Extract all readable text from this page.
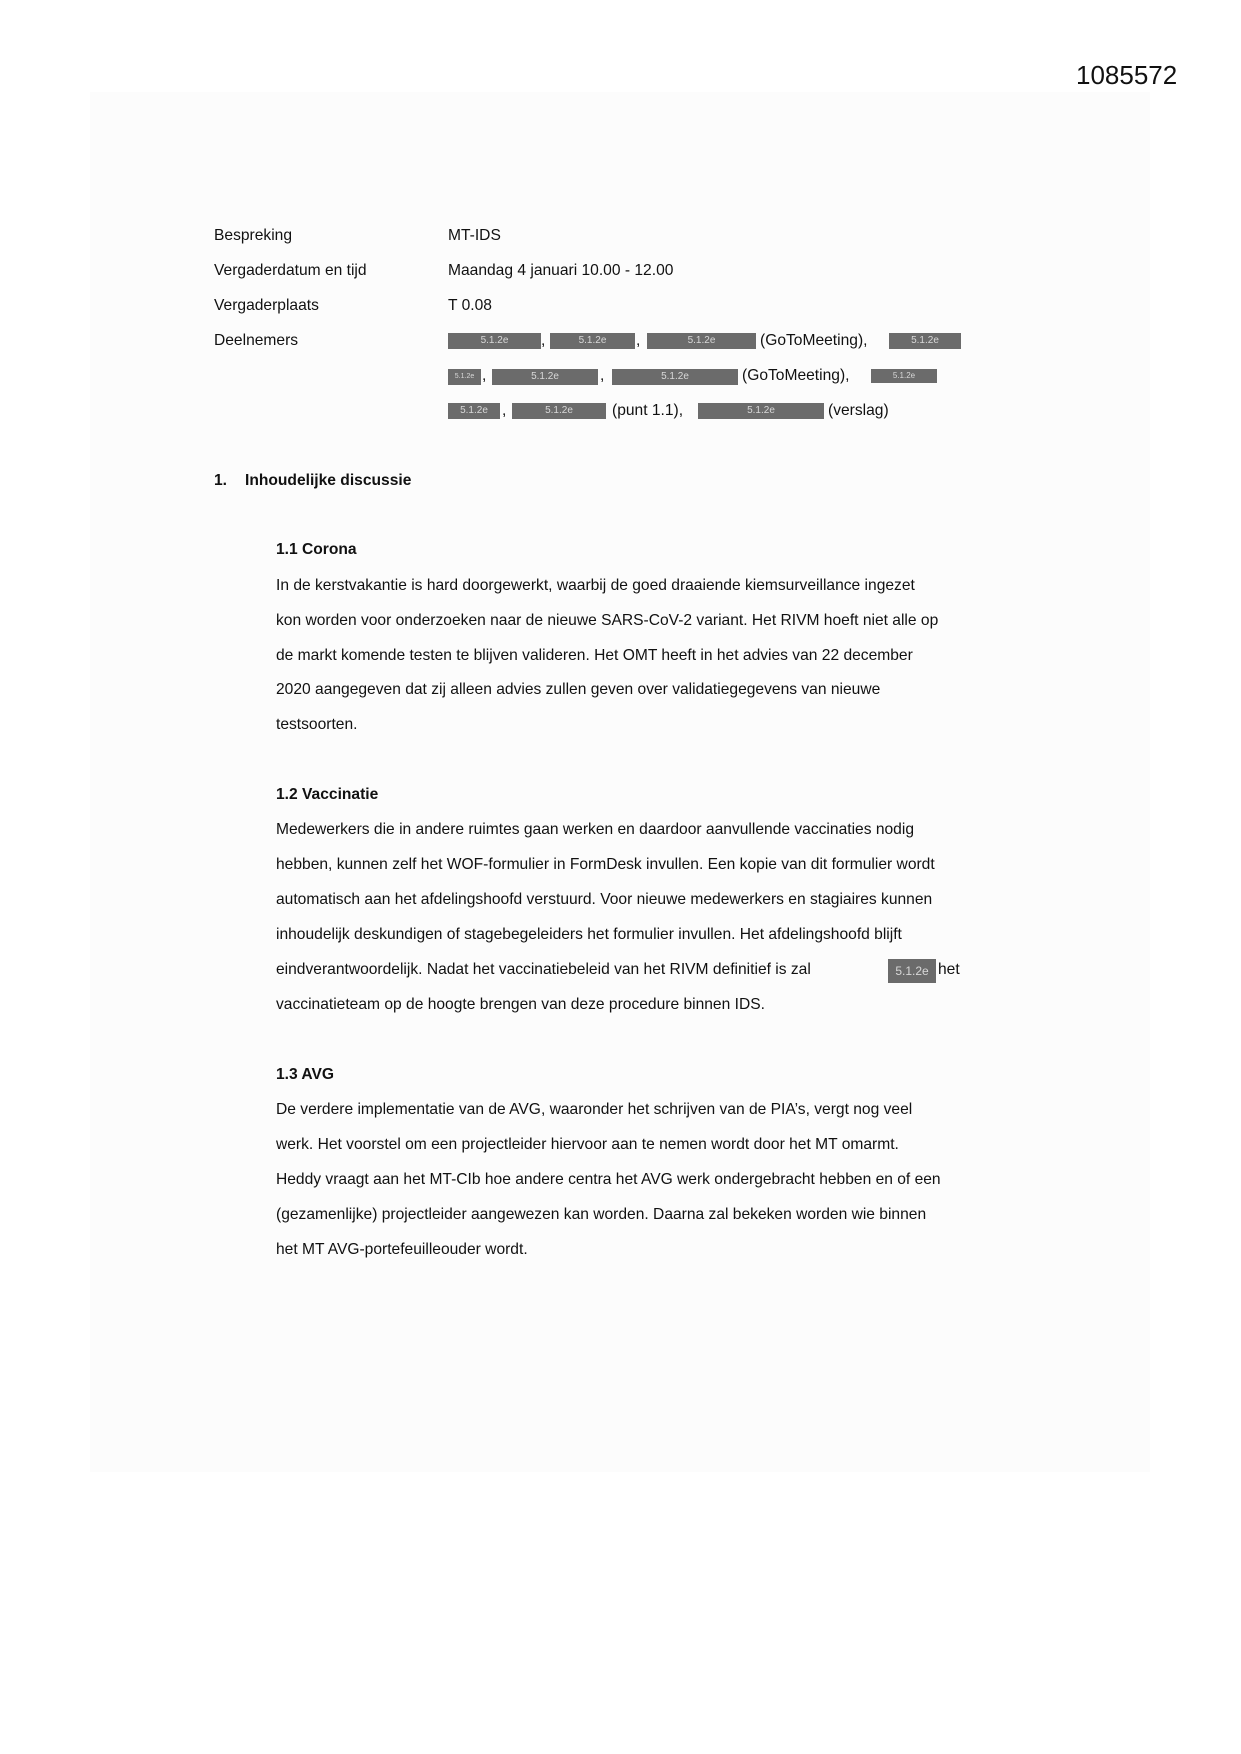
1085572
Bespreking	MT-IDS
Vergaderdatum en tijd	Maandag 4 januari 10.00 - 12.00
Vergaderplaats	T 0.08
Deelnemers	5.1.2e	,	5.1.2e	,	5.1.2e	(GoToMeeting),	5.1.2e
5.1.2e ,	5.1.2e	,	5.1.2e	(GoToMeeting),	5.1.2e
5.1.2e ,	5.1.2e	(punt 1.1),	5.1.2e	(verslag)
1. Inhoudelijke discussie
1.1 Corona
In de kerstvakantie is hard doorgewerkt, waarbij de goed draaiende kiemsurveillance ingezet
kon worden voor onderzoeken naar de nieuwe SARS-CoV-2 variant. Het RIVM hoeft niet alle op
de markt komende testen te blijven valideren. Het OMT heeft in het advies van 22 december
2020 aangegeven dat zij alleen advies zullen geven over validatiegegevens van nieuwe
testsoorten.
1.2 Vaccinatie
Medewerkers die in andere ruimtes gaan werken en daardoor aanvullende vaccinaties nodig
hebben, kunnen zelf het WOF-formulier in FormDesk invullen. Een kopie van dit formulier wordt
automatisch aan het afdelingshoofd verstuurd. Voor nieuwe medewerkers en stagiaires kunnen
inhoudelijk deskundigen of stagebegeleiders het formulier invullen. Het afdelingshoofd blijft
eindverantwoordelijk. Nadat het vaccinatiebeleid van het RIVM definitief is zal	5.1.2e het
vaccinatieteam op de hoogte brengen van deze procedure binnen IDS.
1.3 AVG
De verdere implementatie van de AVG, waaronder het schrijven van de PIA’s, vergt nog veel
werk. Het voorstel om een projectleider hiervoor aan te nemen wordt door het MT omarmt.
Heddy vraagt aan het MT-CIb hoe andere centra het AVG werk ondergebracht hebben en of een
(gezamenlijke) projectleider aangewezen kan worden. Daarna zal bekeken worden wie binnen
het MT AVG-portefeuilleouder wordt.
